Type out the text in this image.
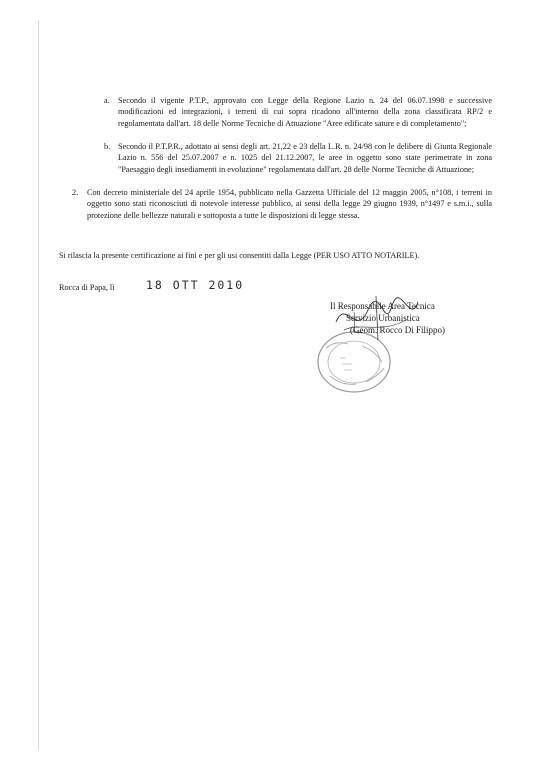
a. Secondo il vigente P.T.P., approvato con Legge della Regione Lazio n. 24 del 06.07.1998 e successive modificazioni ed integrazioni, i terreni di cui sopra ricadono all'interno della zona classificata RP/2 e regolamentata dall'art. 18 delle Norme Tecniche di Attuazione "Aree edificate sature e di completamento";
b. Secondo il P.T.P.R., adottato ai sensi degli art. 21,22 e 23 della L.R. n. 24/98 con le delibere di Giunta Regionale Lazio n. 556 del 25.07.2007 e n. 1025 del 21.12.2007, le aree in oggetto sono state perimetrate in zona "Paesaggio degli insediamenti in evoluzione" regolamentata dall'art. 28 delle Norme Tecniche di Attuazione;
2. Con decreto ministeriale del 24 aprile 1954, pubblicato nella Gazzetta Ufficiale del 12 maggio 2005, n°108, i terreni in oggetto sono stati riconosciuti di notevole interesse pubblico, ai sensi della legge 29 giugno 1939, n°1497 e s.m.i., sulla protezione delle bellezze naturali e sottoposta a tutte le disposizioni di legge stessa.
Si rilascia la presente certificazione ai fini e per gli usi consentiti dalla Legge (PER USO ATTO NOTARILE).
Rocca di Papa, lì	18 OTT 2010
Il Responsabile Area Tecnica
Servizio Urbanistica
(Geom. Rocco Di Filippo)
